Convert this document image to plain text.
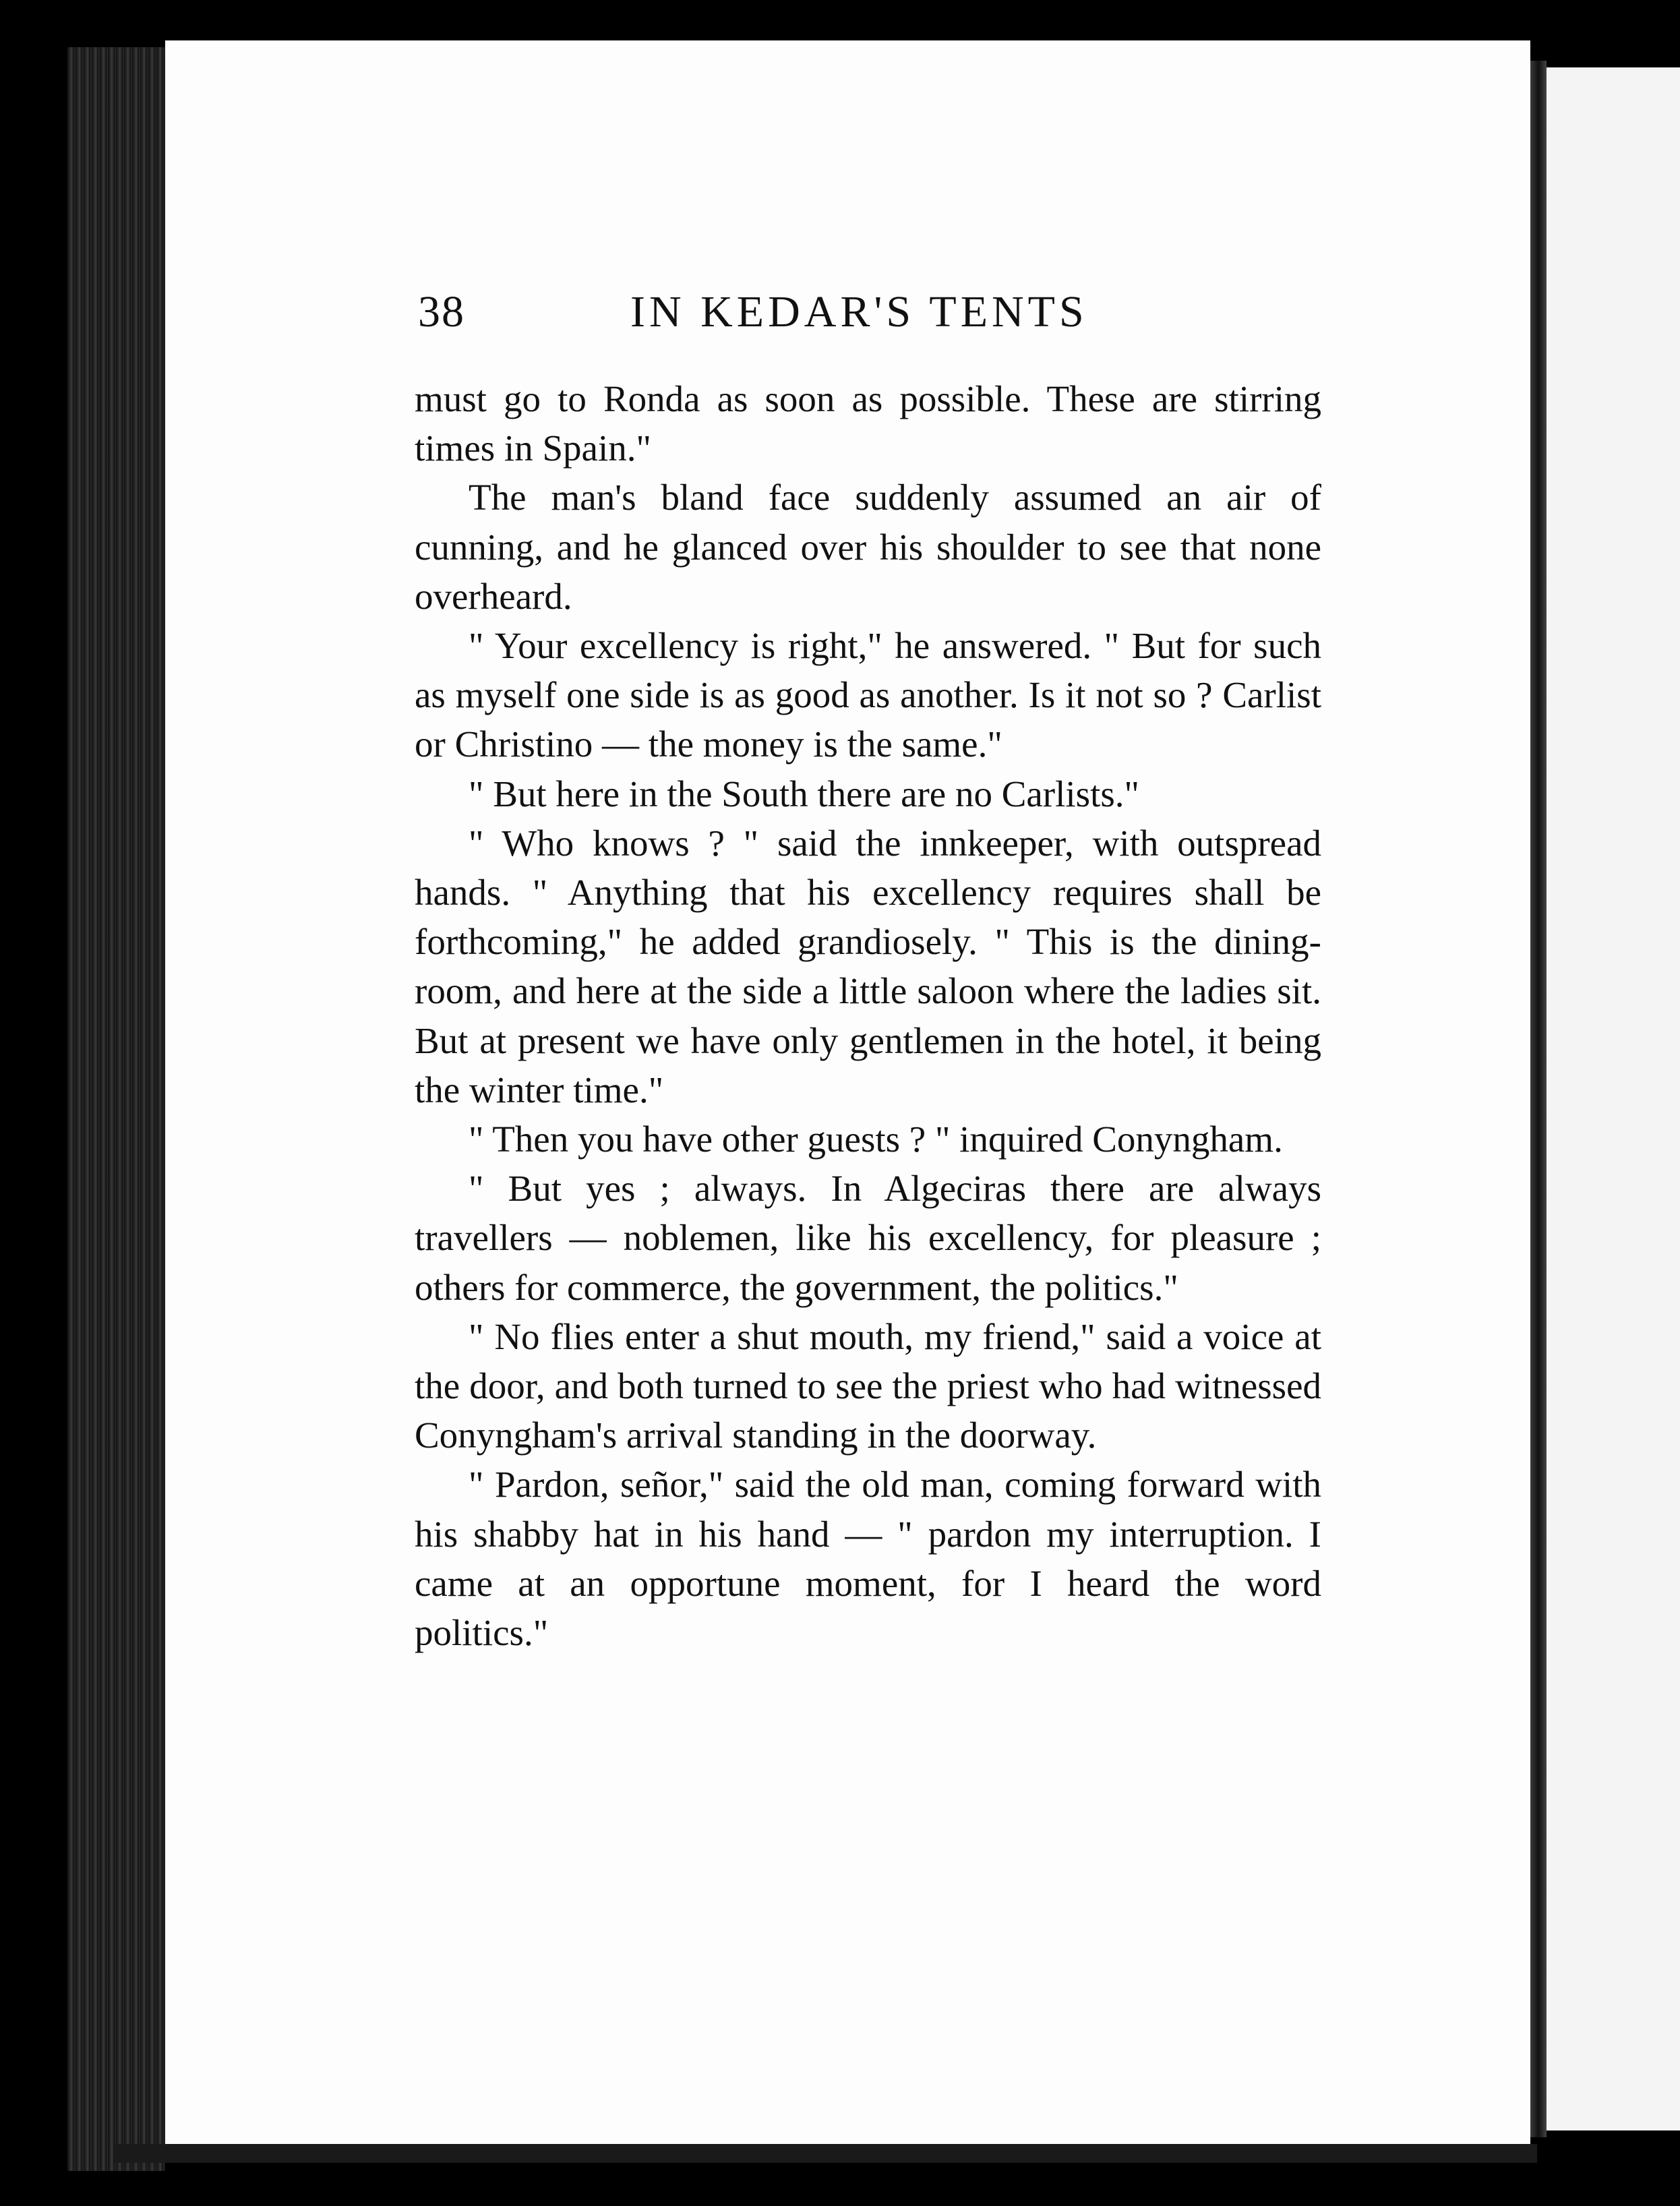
38	IN KEDAR'S TENTS

must go to Ronda as soon as possible. These are stirring times in Spain."

The man's bland face suddenly assumed an air of cunning, and he glanced over his shoulder to see that none overheard.

" Your excellency is right," he answered. " But for such as myself one side is as good as another. Is it not so ? Carlist or Christino — the money is the same."

" But here in the South there are no Carlists."

" Who knows ? " said the innkeeper, with outspread hands. " Anything that his excellency requires shall be forthcoming," he added grandiosely. " This is the dining-room, and here at the side a little saloon where the ladies sit. But at present we have only gentlemen in the hotel, it being the winter time."

" Then you have other guests ? " inquired Conyngham.

" But yes ; always. In Algeciras there are always travellers — noblemen, like his excellency, for pleasure ; others for commerce, the government, the politics."

" No flies enter a shut mouth, my friend," said a voice at the door, and both turned to see the priest who had witnessed Conyngham's arrival standing in the doorway.

" Pardon, señor," said the old man, coming forward with his shabby hat in his hand — " pardon my interruption. I came at an opportune moment, for I heard the word politics."
